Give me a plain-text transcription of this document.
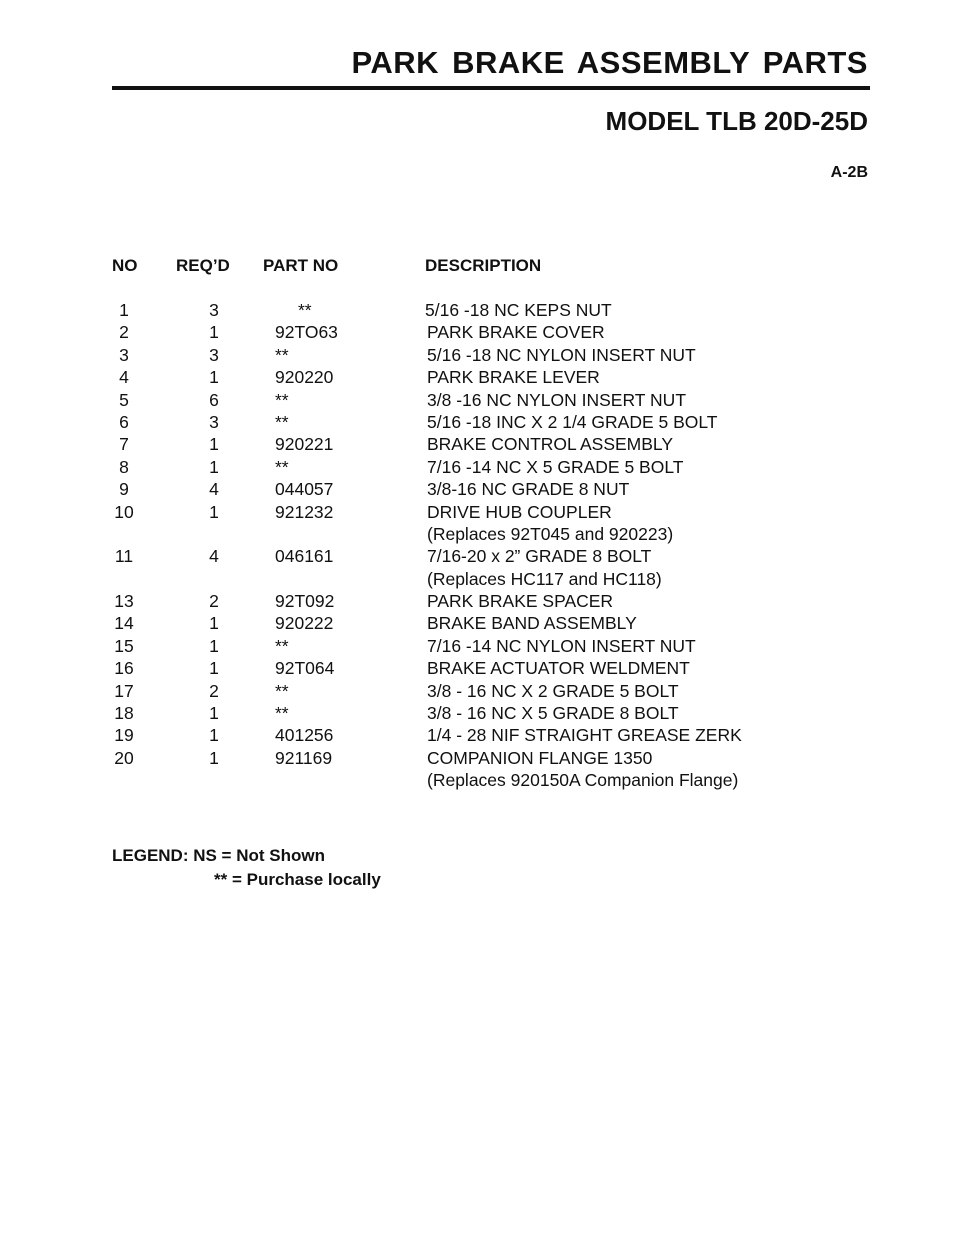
PARK BRAKE ASSEMBLY PARTS
MODEL TLB 20D-25D
A-2B
NO REQ’D PART NO	DESCRIPTION
1	3	**	5/16 -18 NC KEPS NUT
2	1	92TO63	PARK BRAKE COVER
3	3	**	5/16 -18 NC NYLON INSERT NUT
4	1	920220	PARK BRAKE LEVER
5	6	**	3/8 -16 NC NYLON INSERT NUT
6	3	**	5/16 -18 INC X 2 1/4 GRADE 5 BOLT
7	1	920221	BRAKE CONTROL ASSEMBLY
8	1	**	7/16 -14 NC X 5 GRADE 5 BOLT
9	4	044057	3/8-16 NC GRADE 8 NUT
10	1	921232	DRIVE HUB COUPLER
(Replaces 92T045 and 920223)
11	4	046161	7/16-20 x 2” GRADE 8 BOLT
(Replaces HC117 and HC118)
13	2	92T092	PARK BRAKE SPACER
14	1	920222	BRAKE BAND ASSEMBLY
15	1	**	7/16 -14 NC NYLON INSERT NUT
16	1	92T064	BRAKE ACTUATOR WELDMENT
17	2	**	3/8 - 16 NC X 2 GRADE 5 BOLT
18	1	**	3/8 - 16 NC X 5 GRADE 8 BOLT
19	1	401256	1/4 - 28 NIF STRAIGHT GREASE ZERK
20	1	921169	COMPANION FLANGE 1350
(Replaces 920150A Companion Flange)
LEGEND: NS = Not Shown
** = Purchase locally
